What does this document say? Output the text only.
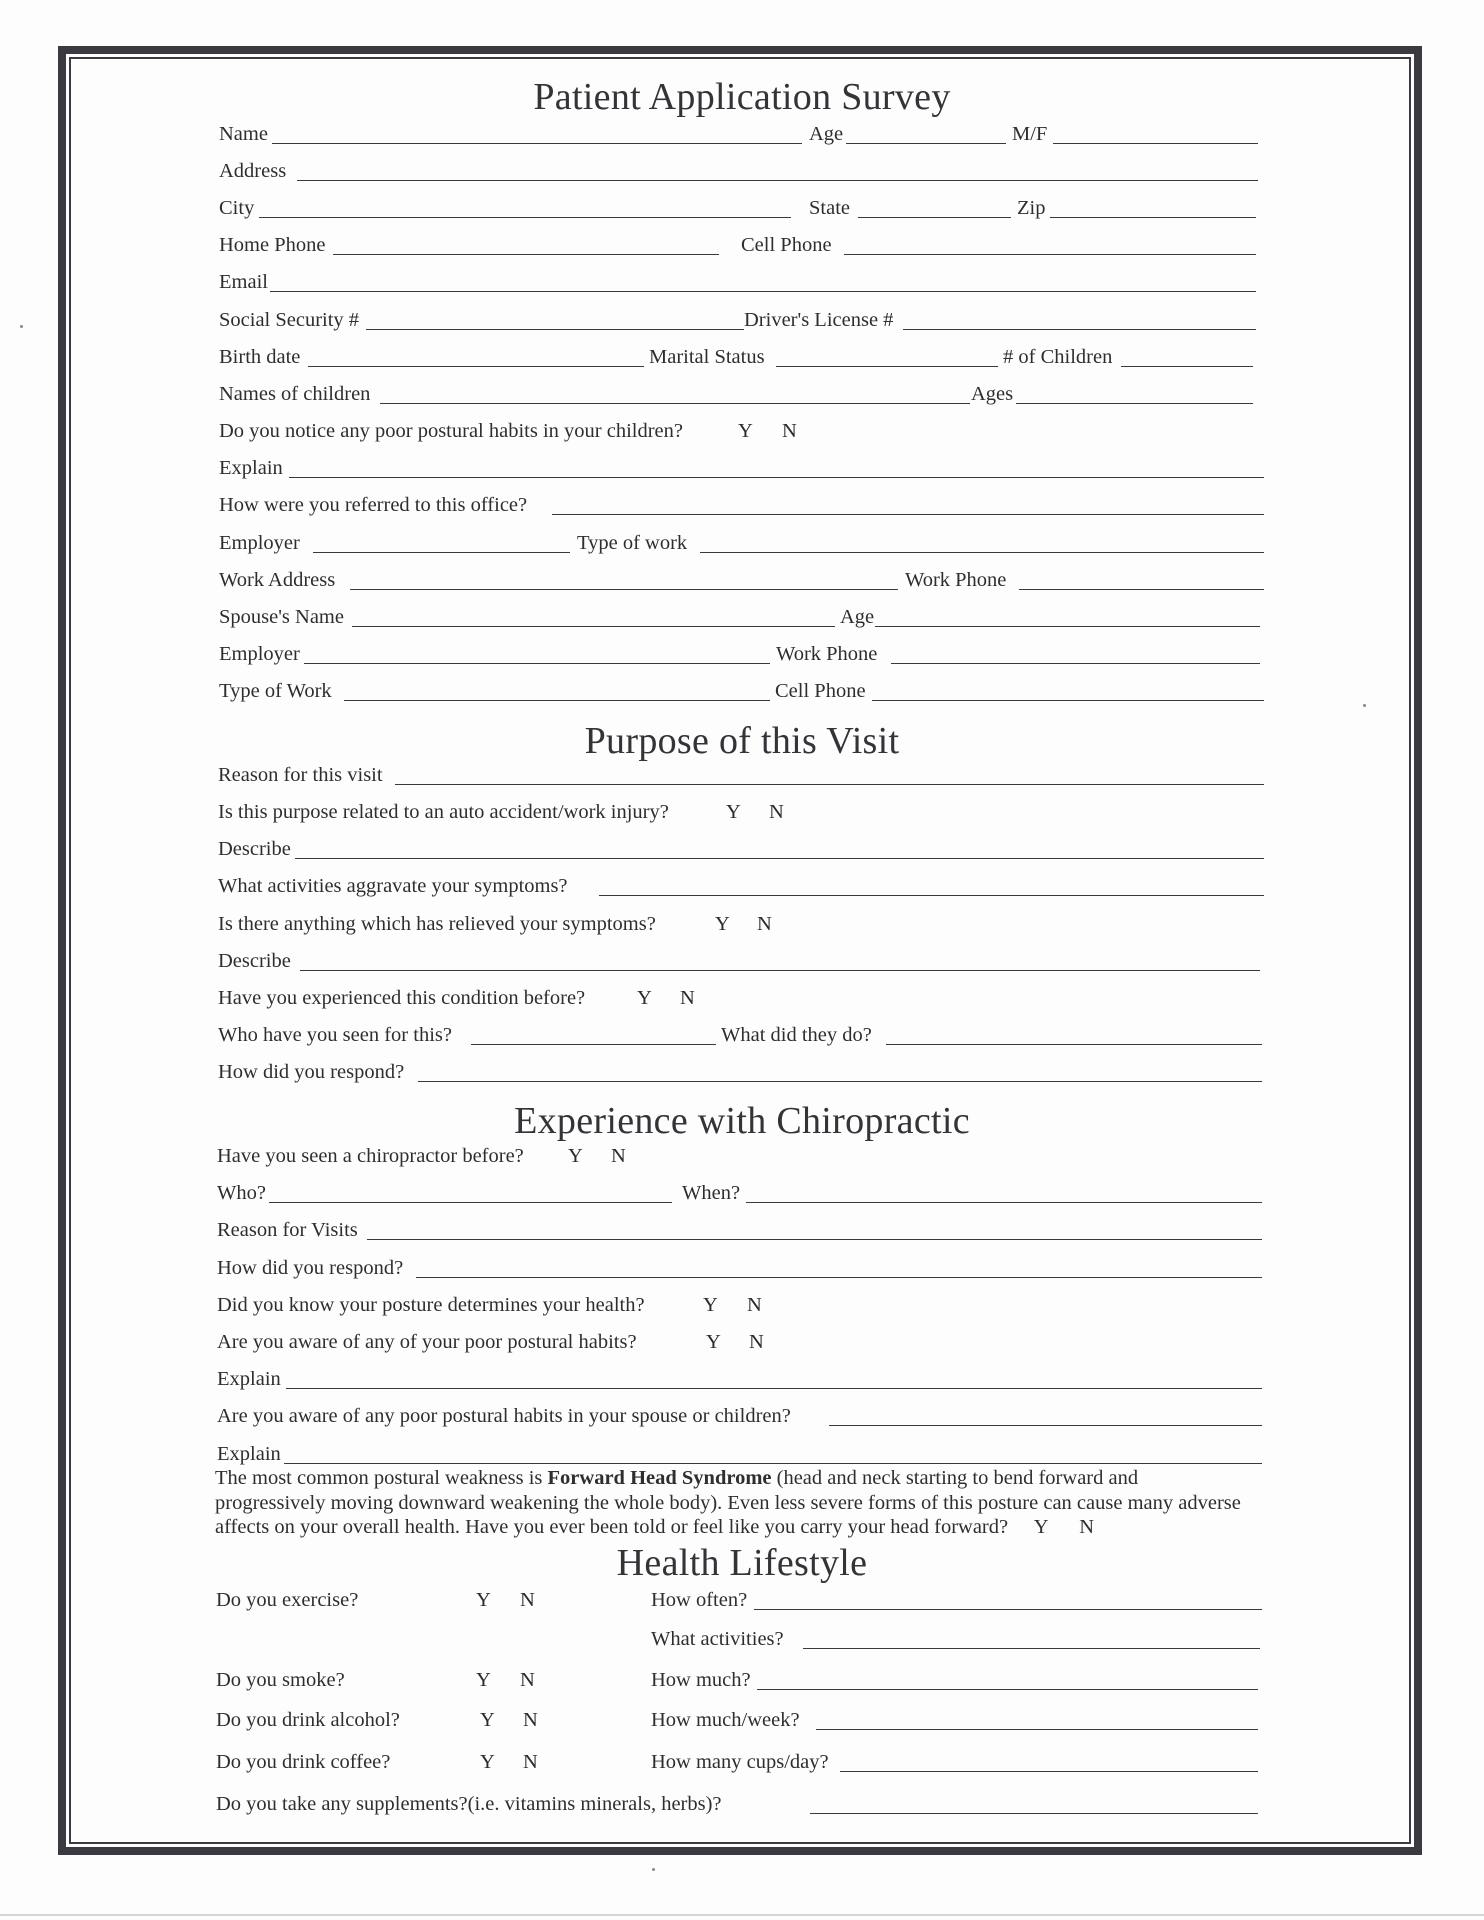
Patient Application Survey
Name	Age	M/F
Address
City	State	Zip
Home Phone	Cell Phone
Email
Social Security #	Driver's License #
Birth date	Marital Status	# of Children
Names of children	Ages
Do you notice any poor postural habits in your children?	Y N
Explain
How were you referred to this office?
Employer	Type of work
Work Address	Work Phone
Spouse's Name	Age
Employer	Work Phone
Type of Work	Cell Phone
Purpose of this Visit
Reason for this visit
Is this purpose related to an auto accident/work injury?	Y N
Describe
What activities aggravate your symptoms?
Is there anything which has relieved your symptoms?	Y N
Describe
Have you experienced this condition before?	Y N
Who have you seen for this?	What did they do?
How did you respond?
Experience with Chiropractic
Have you seen a chiropractor before? Y N
Who?	When?
Reason for Visits
How did you respond?
Did you know your posture determines your health?	Y N
Are you aware of any of your poor postural habits?	Y N
Explain
Are you aware of any poor postural habits in your spouse or children?
Explain
The most common postural weakness is Forward Head Syndrome (head and neck starting to bend forward and progressively moving downward weakening the whole body). Even less severe forms of this posture can cause many adverse affects on your overall health. Have you ever been told or feel like you carry your head forward? Y N
Health Lifestyle
Do you exercise?	Y N	How often?
What activities?
Do you smoke?	Y N	How much?
Do you drink alcohol?	Y N	How much/week?
Do you drink coffee?	Y N	How many cups/day?
Do you take any supplements?(i.e. vitamins minerals, herbs)?
